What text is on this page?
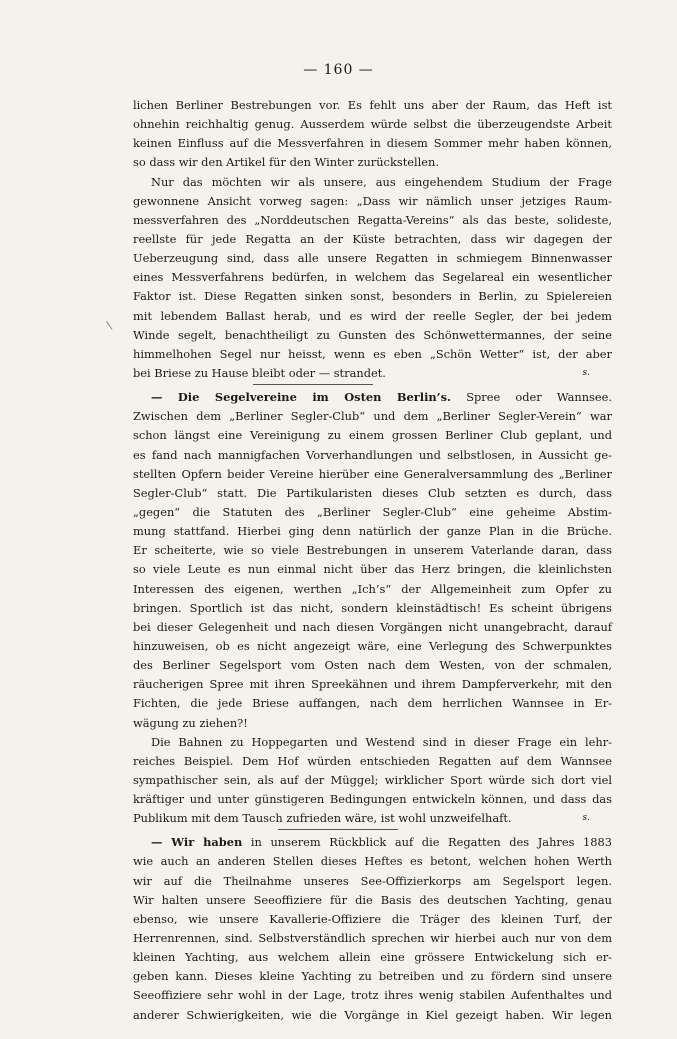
— 160 —
lichen Berliner Bestrebungen vor. Es fehlt uns aber der Raum, das Heft ist
ohnehin reichhaltig genug. Ausserdem würde selbst die überzeugendste Arbeit
keinen Einfluss auf die Messverfahren in diesem Sommer mehr haben können,
so dass wir den Artikel für den Winter zurückstellen.
Nur das möchten wir als unsere, aus eingehendem Studium der Frage
gewonnene Ansicht vorweg sagen: „Dass wir nämlich unser jetziges Raum-
messverfahren des „Norddeutschen Regatta-Vereins“ als das beste, solideste,
reellste für jede Regatta an der Küste betrachten, dass wir dagegen der
Ueberzeugung sind, dass alle unsere Regatten in schmiegem Binnenwasser
eines Messverfahrens bedürfen, in welchem das Segelareal ein wesentlicher
Faktor ist. Diese Regatten sinken sonst, besonders in Berlin, zu Spielereien
mit lebendem Ballast herab, und es wird der reelle Segler, der bei jedem
Winde segelt, benachtheiligt zu Gunsten des Schönwettermannes, der seine
himmelhohen Segel nur heisst, wenn es eben „Schön Wetter“ ist, der aber
bei Briese zu Hause bleibt oder — strandet.	s.
— Die Segelvereine im Osten Berlin’s. Spree oder Wannsee.
Zwischen dem „Berliner Segler-Club“ und dem „Berliner Segler-Verein“ war
schon längst eine Vereinigung zu einem grossen Berliner Club geplant, und
es fand nach mannigfachen Vorverhandlungen und selbstlosen, in Aussicht ge-
stellten Opfern beider Vereine hierüber eine Generalversammlung des „Berliner
Segler-Club“ statt. Die Partikularisten dieses Club setzten es durch, dass
„gegen“ die Statuten des „Berliner Segler-Club“ eine geheime Abstim-
mung stattfand. Hierbei ging denn natürlich der ganze Plan in die Brüche.
Er scheiterte, wie so viele Bestrebungen in unserem Vaterlande daran, dass
so viele Leute es nun einmal nicht über das Herz bringen, die kleinlichsten
Interessen des eigenen, werthen „Ich’s“ der Allgemeinheit zum Opfer zu
bringen. Sportlich ist das nicht, sondern kleinstädtisch! Es scheint übrigens
bei dieser Gelegenheit und nach diesen Vorgängen nicht unangebracht, darauf
hinzuweisen, ob es nicht angezeigt wäre, eine Verlegung des Schwerpunktes
des Berliner Segelsport vom Osten nach dem Westen, von der schmalen,
räucherigen Spree mit ihren Spreekähnen und ihrem Dampferverkehr, mit den
Fichten, die jede Briese auffangen, nach dem herrlichen Wannsee in Er-
wägung zu ziehen?!
Die Bahnen zu Hoppegarten und Westend sind in dieser Frage ein lehr-
reiches Beispiel. Dem Hof würden entschieden Regatten auf dem Wannsee
sympathischer sein, als auf der Müggel; wirklicher Sport würde sich dort viel
kräftiger und unter günstigeren Bedingungen entwickeln können, und dass das
Publikum mit dem Tausch zufrieden wäre, ist wohl unzweifelhaft.	s.
— Wir haben in unserem Rückblick auf die Regatten des Jahres 1883
wie auch an anderen Stellen dieses Heftes es betont, welchen hohen Werth
wir auf die Theilnahme unseres See-Offizierkorps am Segelsport legen.
Wir halten unsere Seeoffiziere für die Basis des deutschen Yachting, genau
ebenso, wie unsere Kavallerie-Offiziere die Träger des kleinen Turf, der
Herrenrennen, sind. Selbstverständlich sprechen wir hierbei auch nur von dem
kleinen Yachting, aus welchem allein eine grössere Entwickelung sich er-
geben kann. Dieses kleine Yachting zu betreiben und zu fördern sind unsere
Seeoffiziere sehr wohl in der Lage, trotz ihres wenig stabilen Aufenthaltes und
anderer Schwierigkeiten, wie die Vorgänge in Kiel gezeigt haben. Wir legen
